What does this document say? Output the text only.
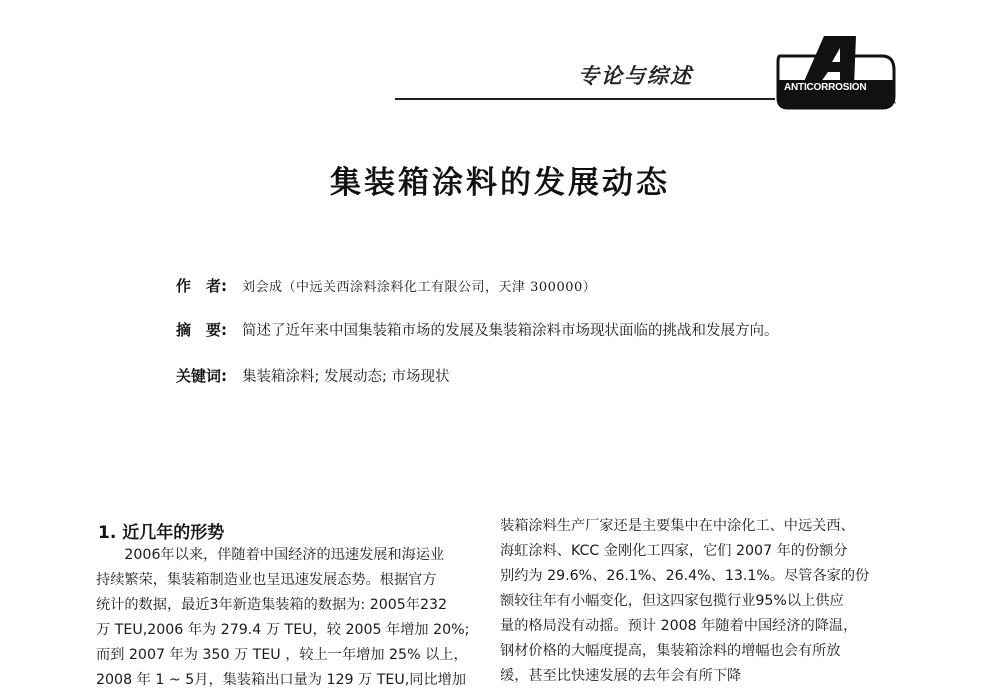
专论与综述	ANTICORROSION
集装箱涂料的发展动态
作　者: 刘会成（中远关西涂料涂料化工有限公司，天津 300000）
摘　要: 简述了近年来中国集装箱市场的发展及集装箱涂料市场现状面临的挑战和发展方向。
关键词: 集装箱涂料; 发展动态; 市场现状
1. 近几年的形势
　　2006年以来，伴随着中国经济的迅速发展和海运业
持续繁荣，集装箱制造业也呈迅速发展态势。根据官方
统计的数据，最近3年新造集装箱的数据为: 2005年232
万 TEU,2006 年为 279.4 万 TEU，较 2005 年增加 20%;
而到 2007 年为 350 万 TEU ，较上一年增加 25% 以上，
2008 年 1 ~ 5月，集装箱出口量为 129 万 TEU,同比增加
装箱涂料生产厂家还是主要集中在中涂化工、中远关西、
海虹涂料、KCC 金刚化工四家，它们 2007 年的份额分
别约为 29.6%、26.1%、26.4%、13.1%。尽管各家的份
额较往年有小幅变化，但这四家包揽行业95%以上供应
量的格局没有动摇。预计 2008 年随着中国经济的降温，
钢材价格的大幅度提高，集装箱涂料的增幅也会有所放
缓，甚至比快速发展的去年会有所下降
